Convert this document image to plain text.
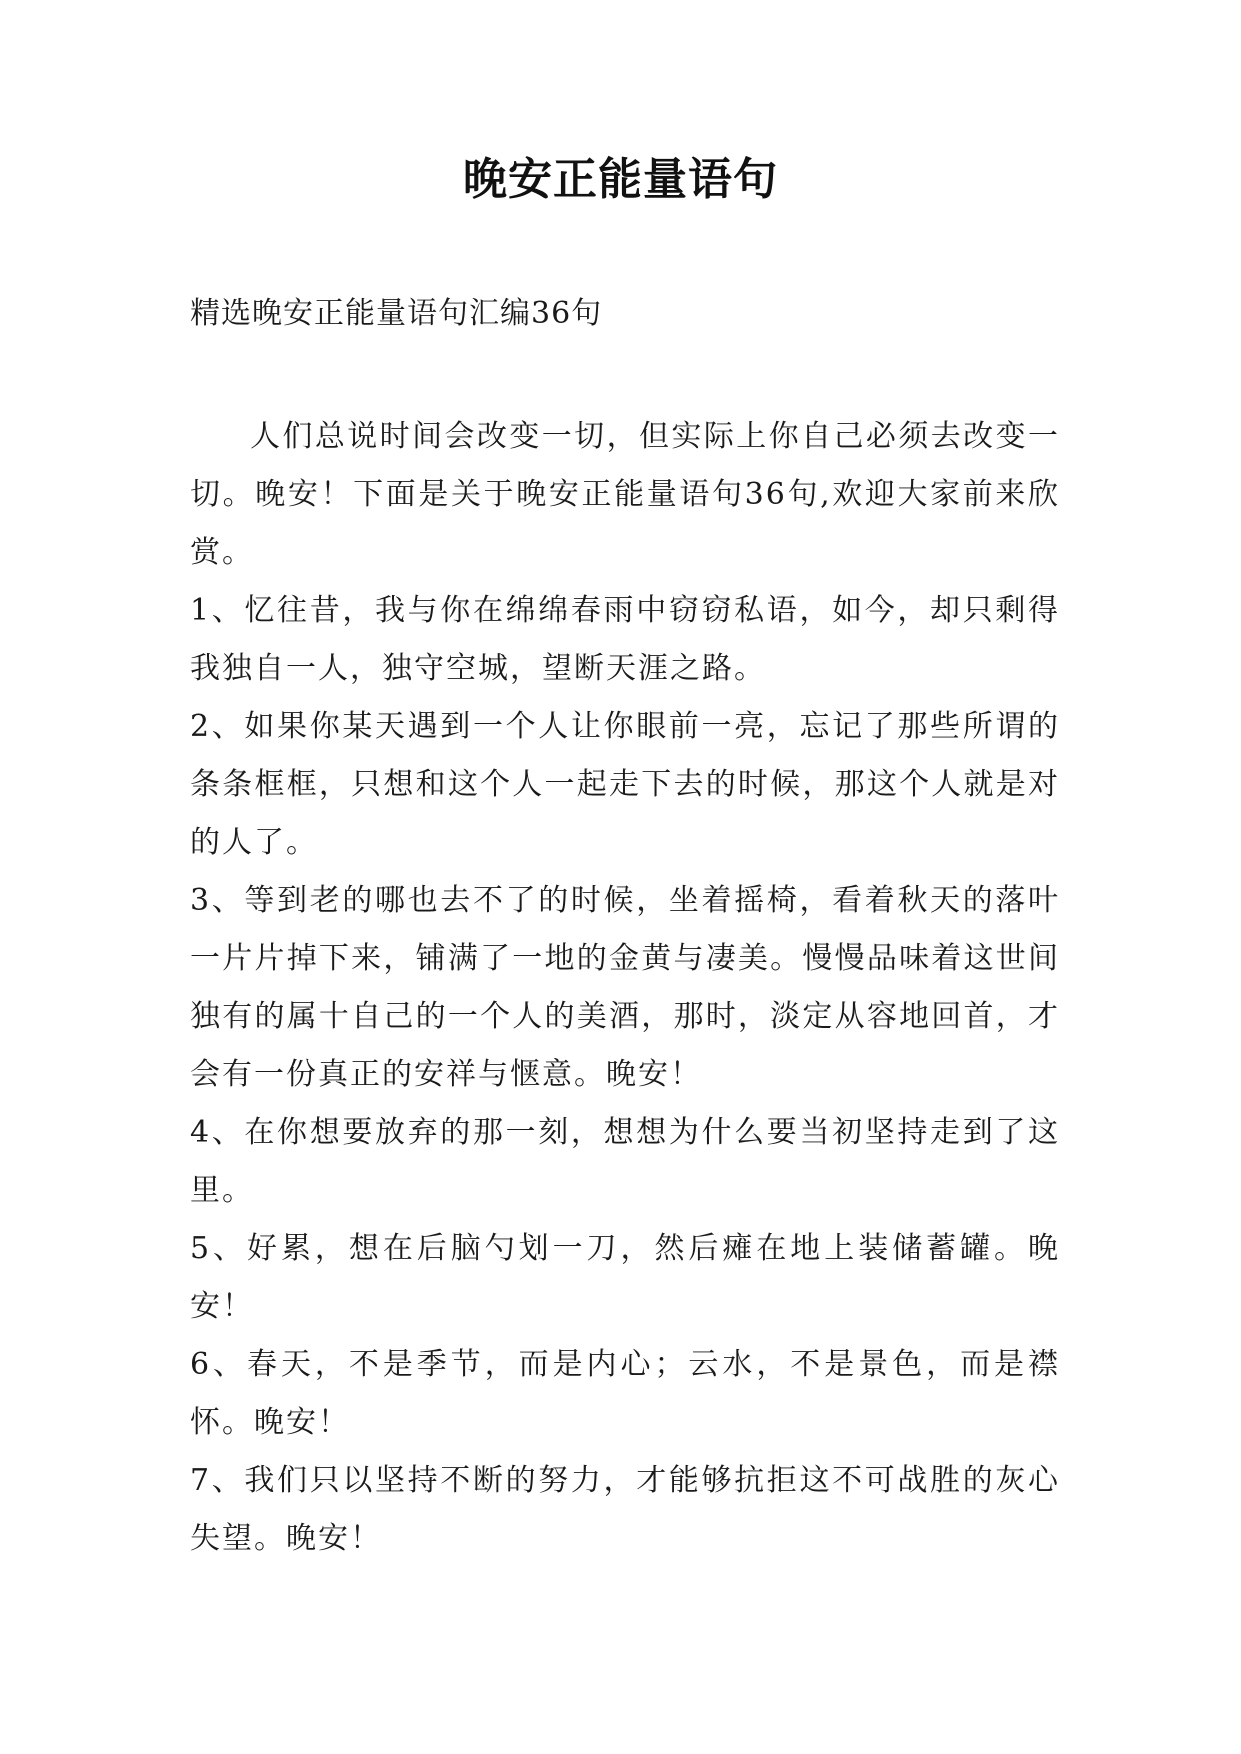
晚安正能量语句

精选晚安正能量语句汇编36句

人们总说时间会改变一切，但实际上你自己必须去改变一切。晚安！下面是关于晚安正能量语句36句,欢迎大家前来欣赏。

1、忆往昔，我与你在绵绵春雨中窃窃私语，如今，却只剩得我独自一人，独守空城，望断天涯之路。

2、如果你某天遇到一个人让你眼前一亮，忘记了那些所谓的条条框框，只想和这个人一起走下去的时候，那这个人就是对的人了。

3、等到老的哪也去不了的时候，坐着摇椅，看着秋天的落叶一片片掉下来，铺满了一地的金黄与凄美。慢慢品味着这世间独有的属十自己的一个人的美酒，那时，淡定从容地回首，才会有一份真正的安祥与惬意。晚安！

4、在你想要放弃的那一刻，想想为什么要当初坚持走到了这里。

5、好累，想在后脑勺划一刀，然后瘫在地上装储蓄罐。晚安！

6、春天，不是季节，而是内心；云水，不是景色，而是襟怀。晚安！

7、我们只以坚持不断的努力，才能够抗拒这不可战胜的灰心失望。晚安！
